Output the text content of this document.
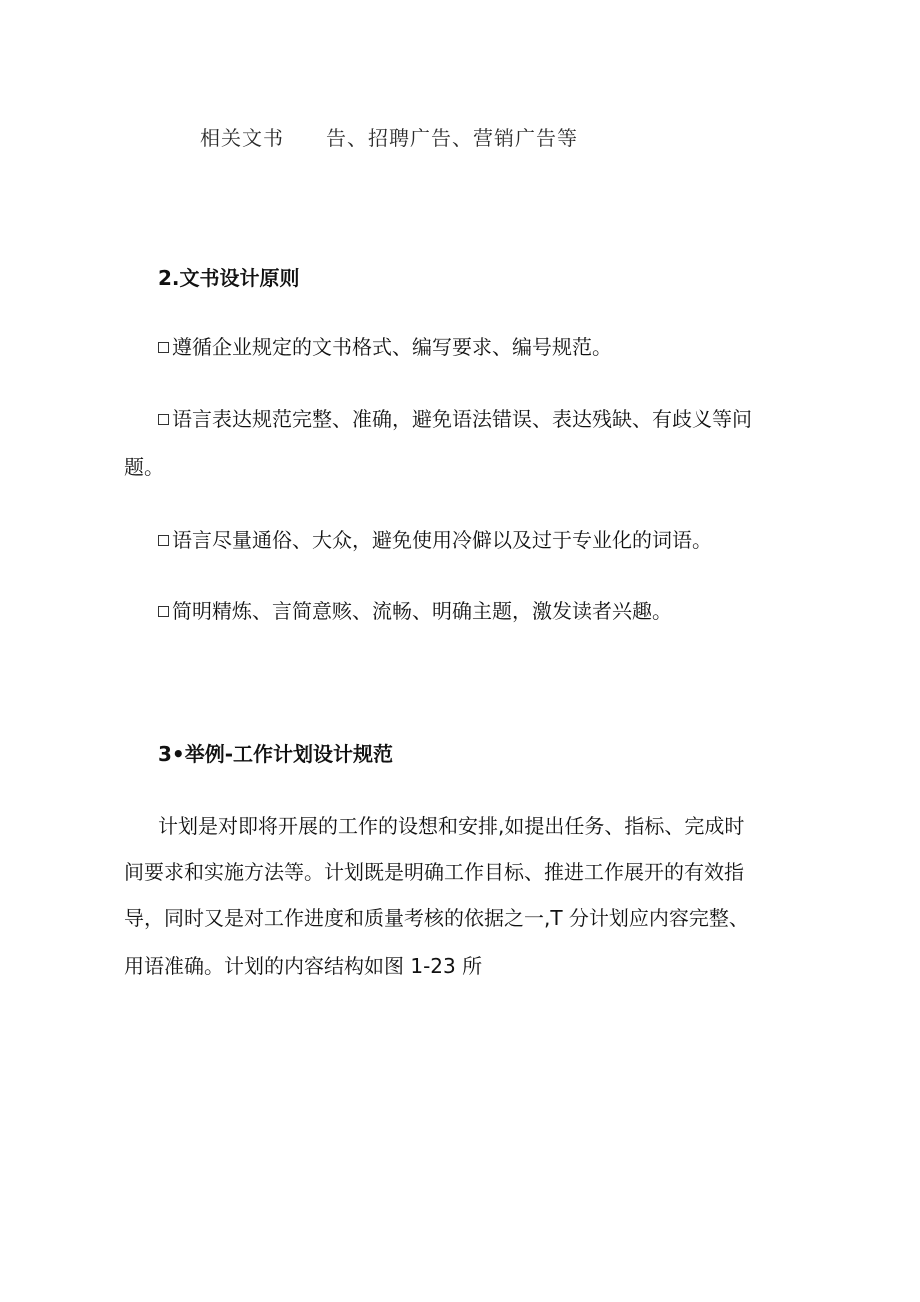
相关文书 告、招聘广告、营销广告等
2.文书设计原则
遵循企业规定的文书格式、编写要求、编号规范。
语言表达规范完整、准确，避免语法错误、表达残缺、有歧义等问
题。
语言尽量通俗、大众，避免使用冷僻以及过于专业化的词语。
简明精炼、言简意赅、流畅、明确主题，激发读者兴趣。
3•举例-工作计划设计规范
计划是对即将开展的工作的设想和安排,如提出任务、指标、完成时
间要求和实施方法等。计划既是明确工作目标、推进工作展开的有效指
导，同时又是对工作进度和质量考核的依据之一,T 分计划应内容完整、
用语准确。计划的内容结构如图 1-23 所
